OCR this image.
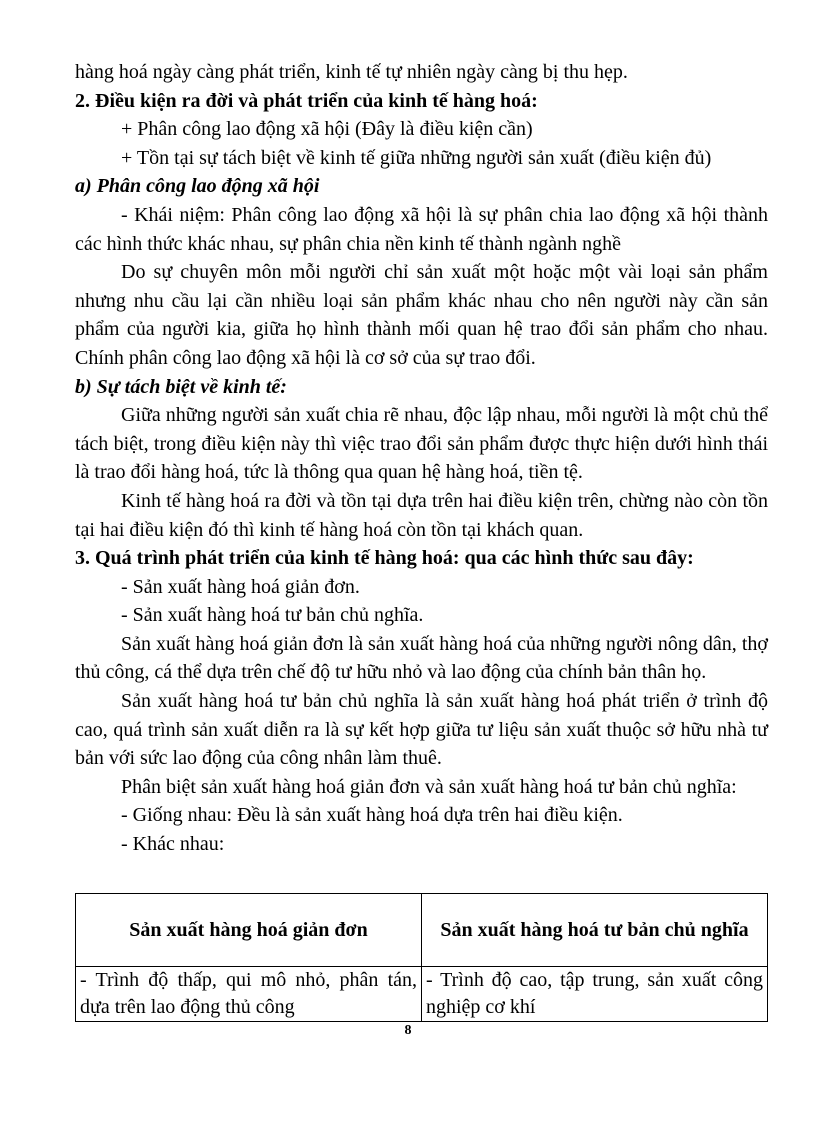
hàng hoá ngày càng phát triển, kinh tế tự nhiên ngày càng bị thu hẹp.

2. Điều kiện ra đời và phát triển của kinh tế hàng hoá:

+ Phân công lao động xã hội (Đây là điều kiện cần)

+ Tồn tại sự tách biệt về kinh tế giữa những người sản xuất (điều kiện đủ)

a) Phân công lao động xã hội

- Khái niệm: Phân công lao động xã hội là sự phân chia lao động xã hội thành các hình thức khác nhau, sự phân chia nền kinh tế thành ngành nghề

Do sự chuyên môn mỗi người chỉ sản xuất một hoặc một vài loại sản phẩm nhưng nhu cầu lại cần nhiều loại sản phẩm khác nhau cho nên người này cần sản phẩm của người kia, giữa họ hình thành mối quan hệ trao đổi sản phẩm cho nhau. Chính phân công lao động xã hội là cơ sở của sự trao đổi.

b) Sự tách biệt về kinh tế:

Giữa những người sản xuất chia rẽ nhau, độc lập nhau, mỗi người là một chủ thể tách biệt, trong điều kiện này thì việc trao đổi sản phẩm được thực hiện dưới hình thái là trao đổi hàng hoá, tức là thông qua quan hệ hàng hoá, tiền tệ.

Kinh tế hàng hoá ra đời và tồn tại dựa trên hai điều kiện trên, chừng nào còn tồn tại hai điều kiện đó thì kinh tế hàng hoá còn tồn tại khách quan.

3. Quá trình phát triển của kinh tế hàng hoá: qua các hình thức sau đây:

- Sản xuất hàng hoá giản đơn.

- Sản xuất hàng hoá tư bản chủ nghĩa.

Sản xuất hàng hoá giản đơn là sản xuất hàng hoá của những người nông dân, thợ thủ công, cá thể dựa trên chế độ tư hữu nhỏ và lao động của chính bản thân họ.

Sản xuất hàng hoá tư bản chủ nghĩa là sản xuất hàng hoá phát triển ở trình độ cao, quá trình sản xuất diễn ra là sự kết hợp giữa tư liệu sản xuất thuộc sở hữu nhà tư bản với sức lao động của công nhân làm thuê.

Phân biệt sản xuất hàng hoá giản đơn và sản xuất hàng hoá tư bản chủ nghĩa:

- Giống nhau: Đều là sản xuất hàng hoá dựa trên hai điều kiện.

- Khác nhau:

Sản xuất hàng hoá giản đơn	Sản xuất hàng hoá tư bản chủ nghĩa
- Trình độ thấp, qui mô nhỏ, phân tán, dựa trên lao động thủ công	- Trình độ cao, tập trung, sản xuất công nghiệp cơ khí
8
